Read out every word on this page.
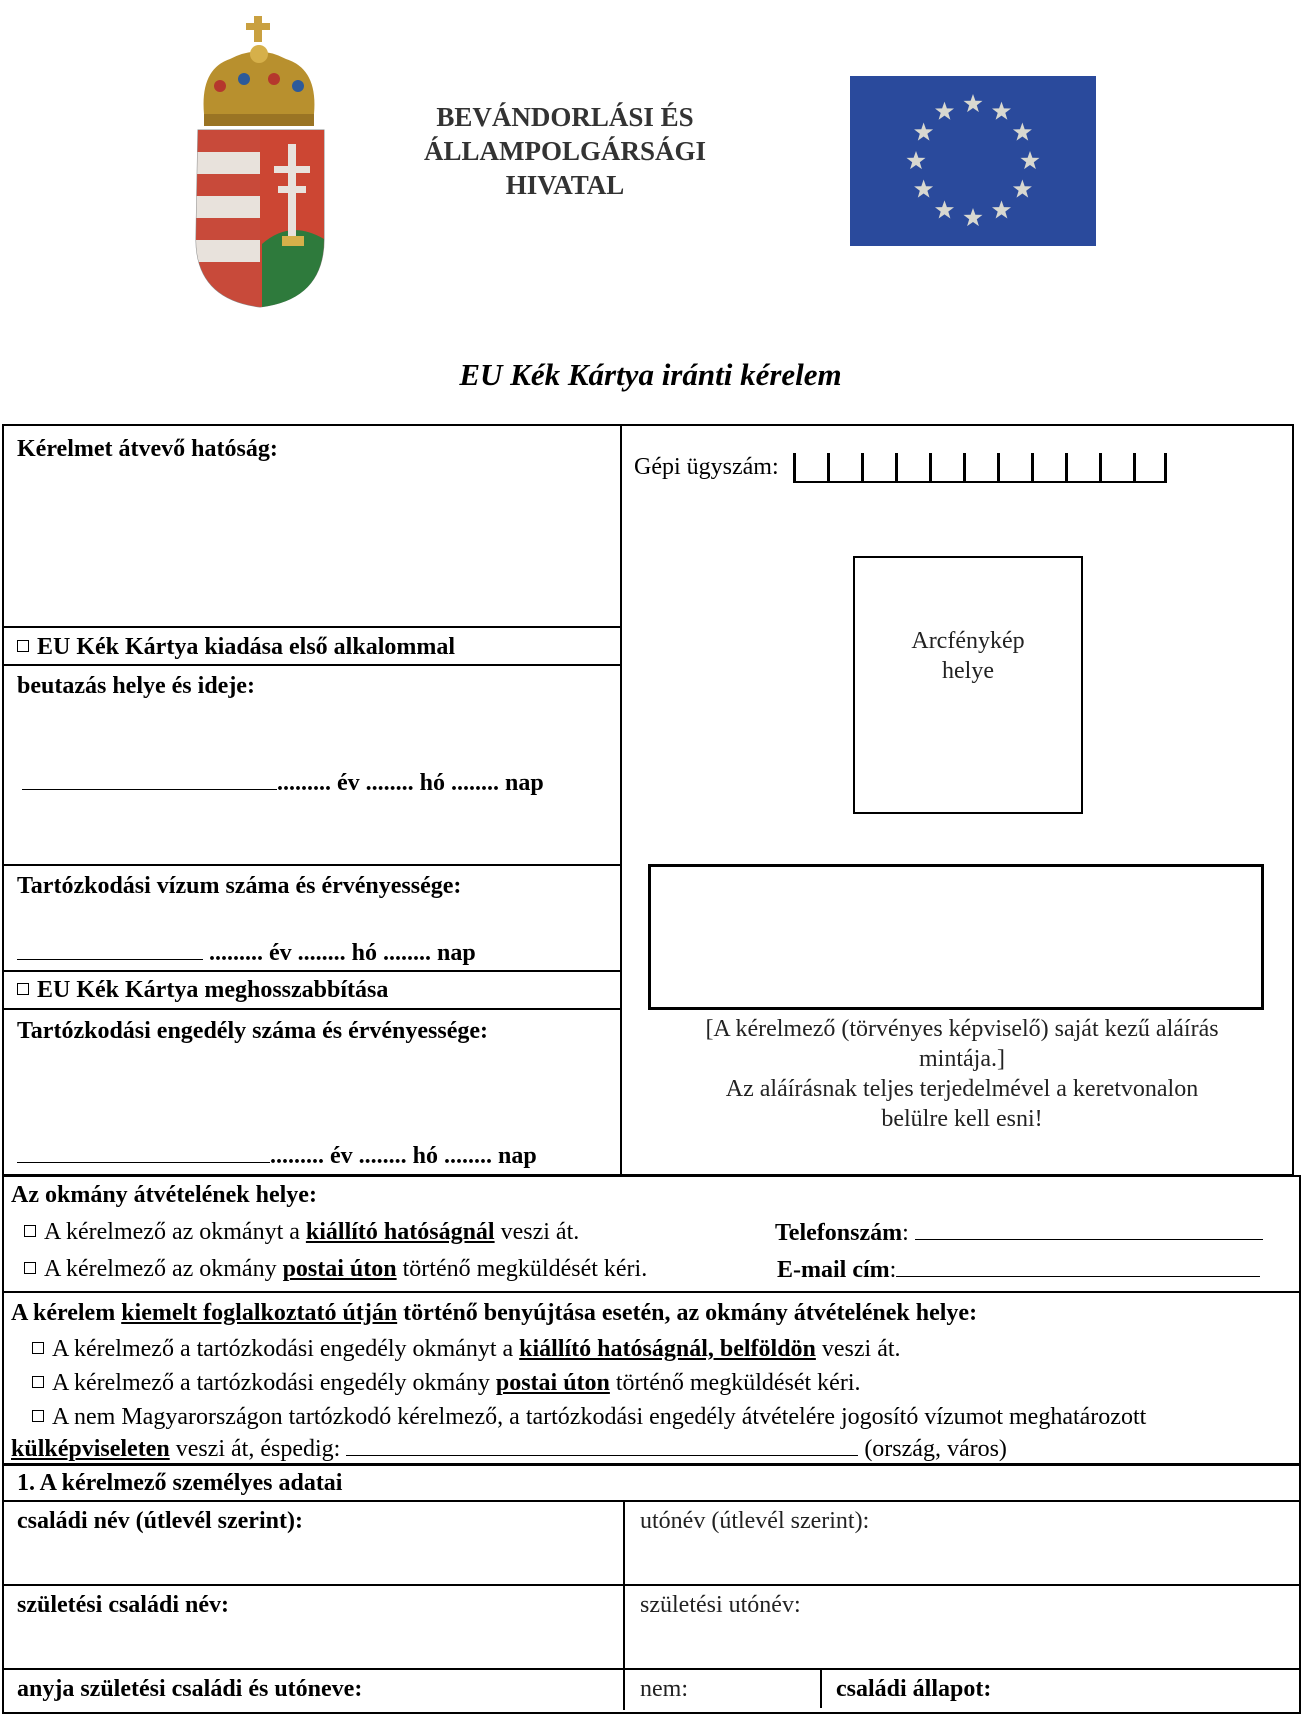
BEVÁNDORLÁSI ÉS
ÁLLAMPOLGÁRSÁGI
HIVATAL
EU Kék Kártya iránti kérelem
Kérelmet átvevő hatóság:
EU Kék Kártya kiadása első alkalommal
beutazás helye és ideje:
......... év ........ hó ........ nap
Tartózkodási vízum száma és érvényessége:
......... év ........ hó ........ nap
EU Kék Kártya meghosszabbítása
Tartózkodási engedély száma és érvényessége:
......... év ........ hó ........ nap
Gépi ügyszám:
Arcfénykép
helye
[A kérelmező (törvényes képviselő) saját kezű aláírás
mintája.]
Az aláírásnak teljes terjedelmével a keretvonalon
belülre kell esni!
Az okmány átvételének helye:
A kérelmező az okmányt a kiállító hatóságnál veszi át.
A kérelmező az okmány postai úton történő megküldését kéri.
Telefonszám:
E-mail cím:
A kérelem kiemelt foglalkoztató útján történő benyújtása esetén, az okmány átvételének helye:
A kérelmező a tartózkodási engedély okmányt a kiállító hatóságnál, belföldön veszi át.
A kérelmező a tartózkodási engedély okmány postai úton történő megküldését kéri.
A nem Magyarországon tartózkodó kérelmező, a tartózkodási engedély átvételére jogosító vízumot meghatározott
külképviseleten veszi át, éspedig:	(ország, város)
1. A kérelmező személyes adatai
családi név (útlevél szerint):	utónév (útlevél szerint):
születési családi név:	születési utónév:
anyja születési családi és utóneve:	nem:	családi állapot:
